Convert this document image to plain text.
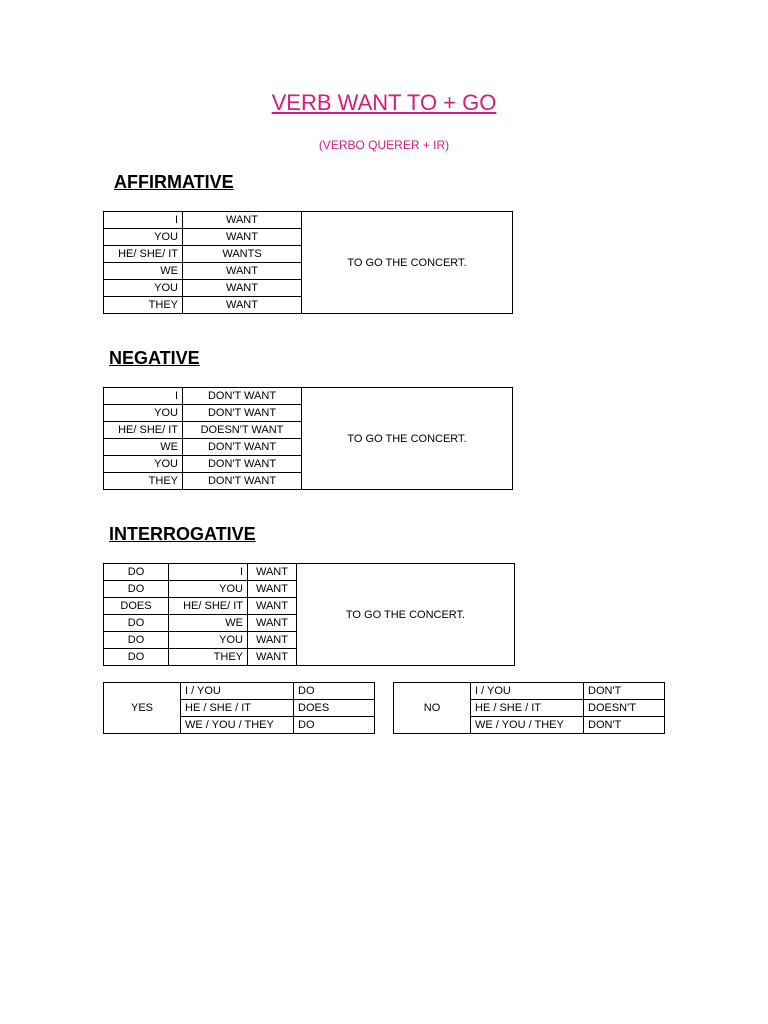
VERB WANT TO + GO
(VERBO QUERER + IR)
AFFIRMATIVE
I	WANT	TO GO THE CONCERT.
YOU	WANT	
HE/ SHE/ IT	WANTS	
WE	WANT	
YOU	WANT	
THEY	WANT	
NEGATIVE
I	DON'T WANT	TO GO THE CONCERT.
YOU	DON'T WANT	
HE/ SHE/ IT	DOESN'T WANT	
WE	DON'T WANT	
YOU	DON'T WANT	
THEY	DON'T WANT	
INTERROGATIVE
DO	I	WANT	TO GO THE CONCERT.
DO	YOU	WANT	
DOES	HE/ SHE/ IT	WANT	
DO	WE	WANT	
DO	YOU	WANT	
DO	THEY	WANT	
YES	I / YOU	DO
	HE / SHE / IT	DOES
	WE / YOU / THEY	DO
NO	I / YOU	DON'T
	HE / SHE / IT	DOESN'T
	WE / YOU / THEY	DON'T
